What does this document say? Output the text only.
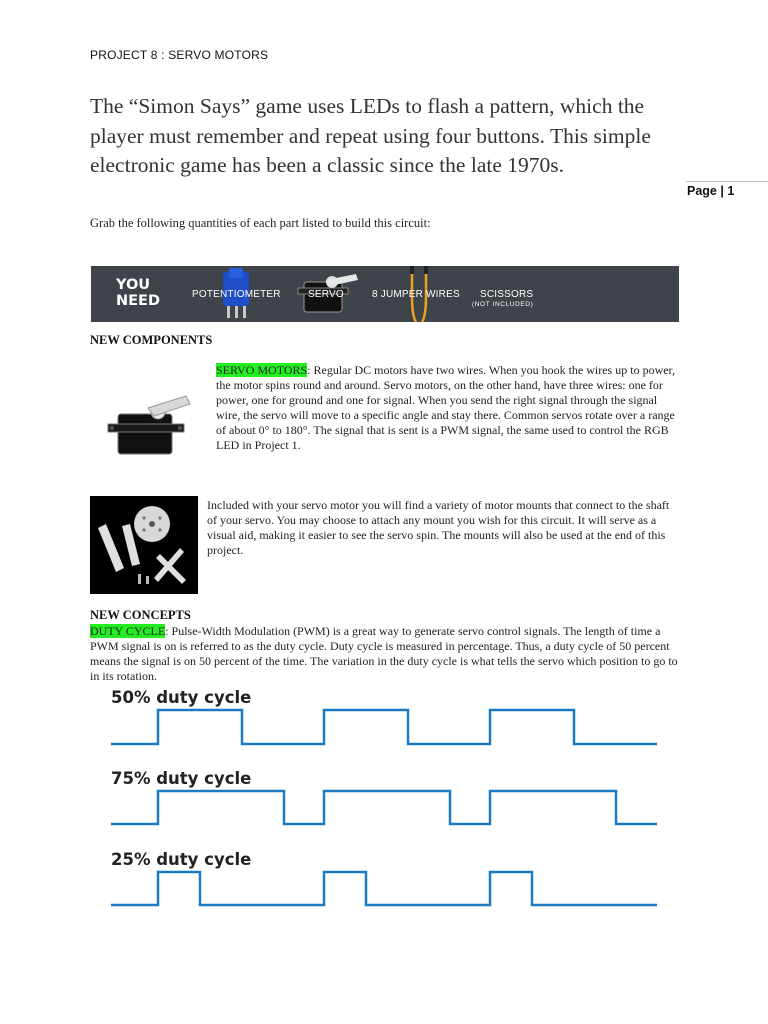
PROJECT 8 : SERVO MOTORS
The “Simon Says” game uses LEDs to flash a pattern, which the player must remember and repeat using four buttons. This simple electronic game has been a classic since the late 1970s.
Page | 1
Grab the following quantities of each part listed to build this circuit:
YOU
NEED	POTENTIOMETER	SERVO	8 JUMPER WIRES SCISSORS
(NOT INCLUDED)
NEW COMPONENTS
SERVO MOTORS: Regular DC motors have two wires. When you hook the wires up to power, the motor spins round and around. Servo motors, on the other hand, have three wires: one for power, one for ground and one for signal. When you send the right signal through the signal wire, the servo will move to a specific angle and stay there. Common servos rotate over a range of about 0° to 180°. The signal that is sent is a PWM signal, the same used to control the RGB LED in Project 1.
Included with your servo motor you will find a variety of motor mounts that connect to the shaft of your servo. You may choose to attach any mount you wish for this circuit. It will serve as a visual aid, making it easier to see the servo spin. The mounts will also be used at the end of this project.
NEW CONCEPTS
DUTY CYCLE: Pulse-Width Modulation (PWM) is a great way to generate servo control signals. The length of time a PWM signal is on is referred to as the duty cycle. Duty cycle is measured in percentage. Thus, a duty cycle of 50 percent means the signal is on 50 percent of the time. The variation in the duty cycle is what tells the servo which position to go to in its rotation.
50% duty cycle
75% duty cycle
25% duty cycle
